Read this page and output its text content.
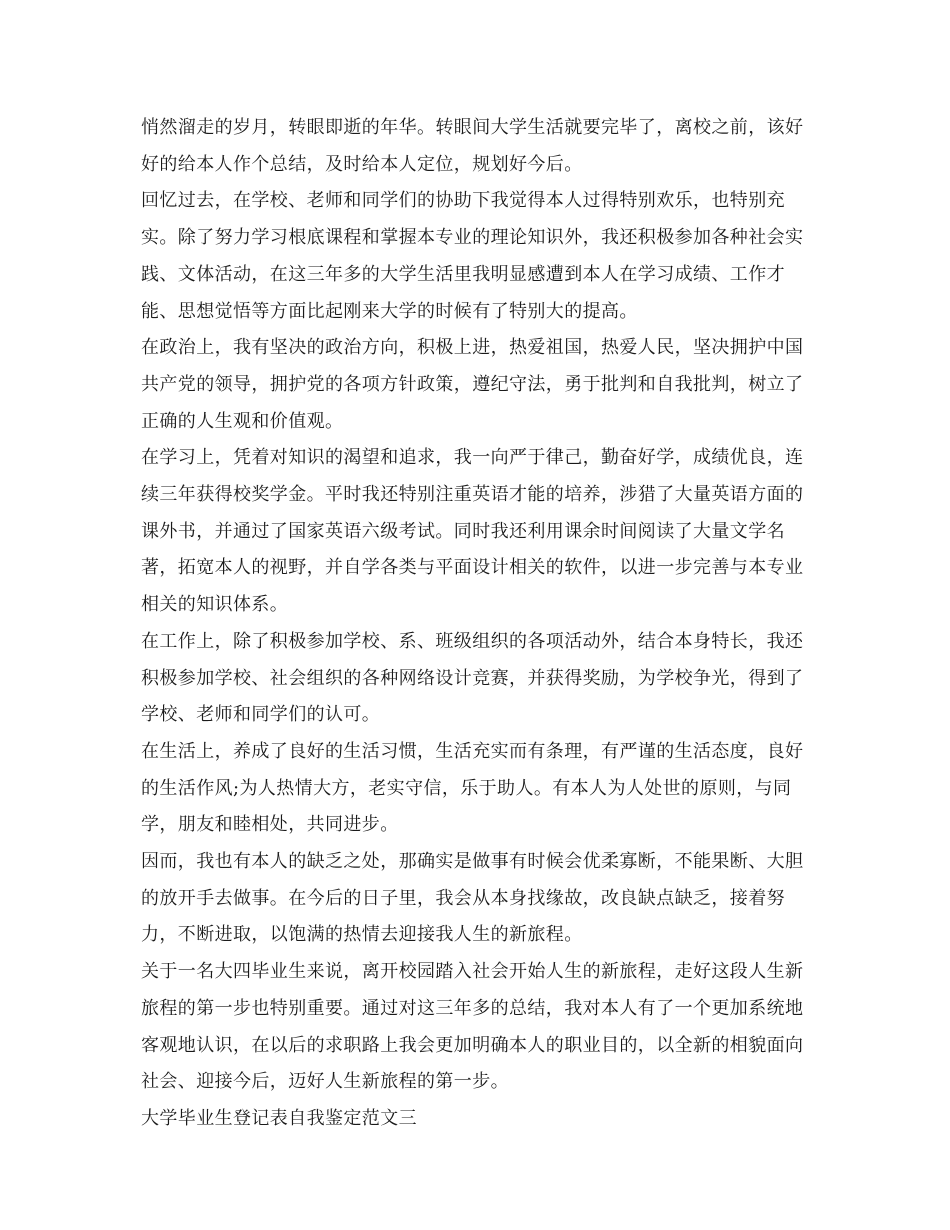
悄然溜走的岁月，转眼即逝的年华。转眼间大学生活就要完毕了，离校之前，该好好的给本人作个总结，及时给本人定位，规划好今后。

回忆过去，在学校、老师和同学们的协助下我觉得本人过得特别欢乐，也特别充实。除了努力学习根底课程和掌握本专业的理论知识外，我还积极参加各种社会实践、文体活动，在这三年多的大学生活里我明显感遭到本人在学习成绩、工作才能、思想觉悟等方面比起刚来大学的时候有了特别大的提高。

在政治上，我有坚决的政治方向，积极上进，热爱祖国，热爱人民，坚决拥护中国共产党的领导，拥护党的各项方针政策，遵纪守法，勇于批判和自我批判，树立了正确的人生观和价值观。

在学习上，凭着对知识的渴望和追求，我一向严于律己，勤奋好学，成绩优良，连续三年获得校奖学金。平时我还特别注重英语才能的培养，涉猎了大量英语方面的课外书，并通过了国家英语六级考试。同时我还利用课余时间阅读了大量文学名著，拓宽本人的视野，并自学各类与平面设计相关的软件，以进一步完善与本专业相关的知识体系。

在工作上，除了积极参加学校、系、班级组织的各项活动外，结合本身特长，我还积极参加学校、社会组织的各种网络设计竞赛，并获得奖励，为学校争光，得到了学校、老师和同学们的认可。

在生活上，养成了良好的生活习惯，生活充实而有条理，有严谨的生活态度，良好的生活作风;为人热情大方，老实守信，乐于助人。有本人为人处世的原则，与同学，朋友和睦相处，共同进步。

因而，我也有本人的缺乏之处，那确实是做事有时候会优柔寡断，不能果断、大胆的放开手去做事。在今后的日子里，我会从本身找缘故，改良缺点缺乏，接着努力，不断进取，以饱满的热情去迎接我人生的新旅程。

关于一名大四毕业生来说，离开校园踏入社会开始人生的新旅程，走好这段人生新旅程的第一步也特别重要。通过对这三年多的总结，我对本人有了一个更加系统地客观地认识，在以后的求职路上我会更加明确本人的职业目的，以全新的相貌面向社会、迎接今后，迈好人生新旅程的第一步。

大学毕业生登记表自我鉴定范文三
